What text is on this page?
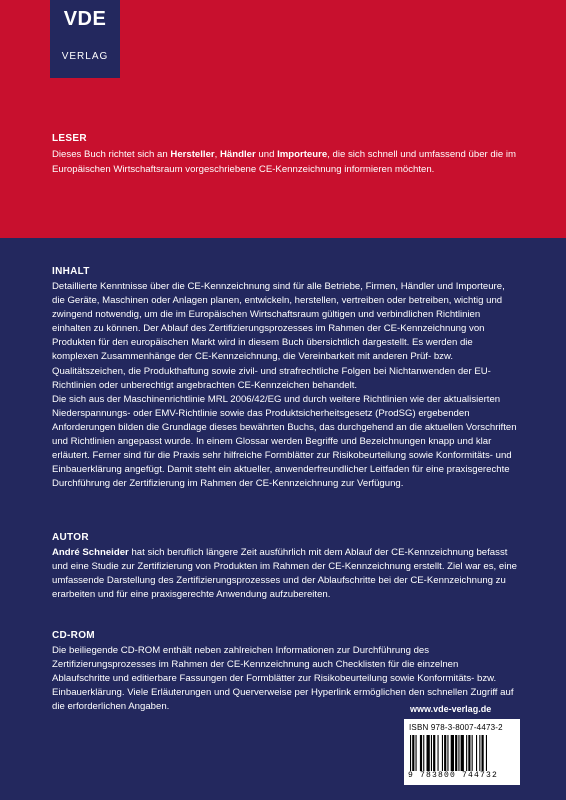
VDE
VERLAG
LESER

Dieses Buch richtet sich an Hersteller, Händler und Importeure, die sich schnell und umfassend über die im Europäischen Wirtschaftsraum vorgeschriebene CE-Kennzeichnung informieren möchten.

INHALT

Detaillierte Kenntnisse über die CE-Kennzeichnung sind für alle Betriebe, Firmen, Händler und Importeure, die Geräte, Maschinen oder Anlagen planen, entwickeln, herstellen, vertreiben oder betreiben, wichtig und zwingend notwendig, um die im Europäischen Wirtschaftsraum gültigen und verbindlichen Richtlinien einhalten zu können. Der Ablauf des Zertifizierungsprozesses im Rahmen der CE-Kennzeichnung von Produkten für den europäischen Markt wird in diesem Buch übersichtlich dargestellt. Es werden die komplexen Zusammenhänge der CE-Kennzeichnung, die Vereinbarkeit mit anderen Prüf- bzw. Qualitätszeichen, die Produkthaftung sowie zivil- und strafrechtliche Folgen bei Nichtanwenden der EU-Richtlinien oder unberechtigt angebrachten CE-Kennzeichen behandelt.

Die sich aus der Maschinenrichtlinie MRL 2006/42/EG und durch weitere Richtlinien wie der aktualisierten Niederspannungs- oder EMV-Richtlinie sowie das Produktsicherheitsgesetz (ProdSG) ergebenden Anforderungen bilden die Grundlage dieses bewährten Buchs, das durchgehend an die aktuellen Vorschriften und Richtlinien angepasst wurde. In einem Glossar werden Begriffe und Bezeichnungen knapp und klar erläutert. Ferner sind für die Praxis sehr hilfreiche Formblätter zur Risikobeurteilung sowie Konformitäts- und Einbauerklärung angefügt. Damit steht ein aktueller, anwenderfreundlicher Leitfaden für eine praxisgerechte Durchführung der Zertifizierung im Rahmen der CE-Kennzeichnung zur Verfügung.

AUTOR

André Schneider hat sich beruflich längere Zeit ausführlich mit dem Ablauf der CE-Kennzeichnung befasst und eine Studie zur Zertifizierung von Produkten im Rahmen der CE-Kennzeichnung erstellt. Ziel war es, eine umfassende Darstellung des Zertifizierungsprozesses und der Ablaufschritte bei der CE-Kennzeichnung zu erarbeiten und für eine praxisgerechte Anwendung aufzubereiten.

CD-ROM

Die beiliegende CD-ROM enthält neben zahlreichen Informationen zur Durchführung des Zertifizierungsprozesses im Rahmen der CE-Kennzeichnung auch Checklisten für die einzelnen Ablaufschritte und editierbare Fassungen der Formblätter zur Risikobeurteilung sowie Konformitäts- bzw. Einbauerklärung. Viele Erläuterungen und Querverweise per Hyperlink ermöglichen den schnellen Zugriff auf die erforderlichen Angaben.	www.vde-verlag.de
ISBN 978-3-8007-4473-2
9 783800 744732
